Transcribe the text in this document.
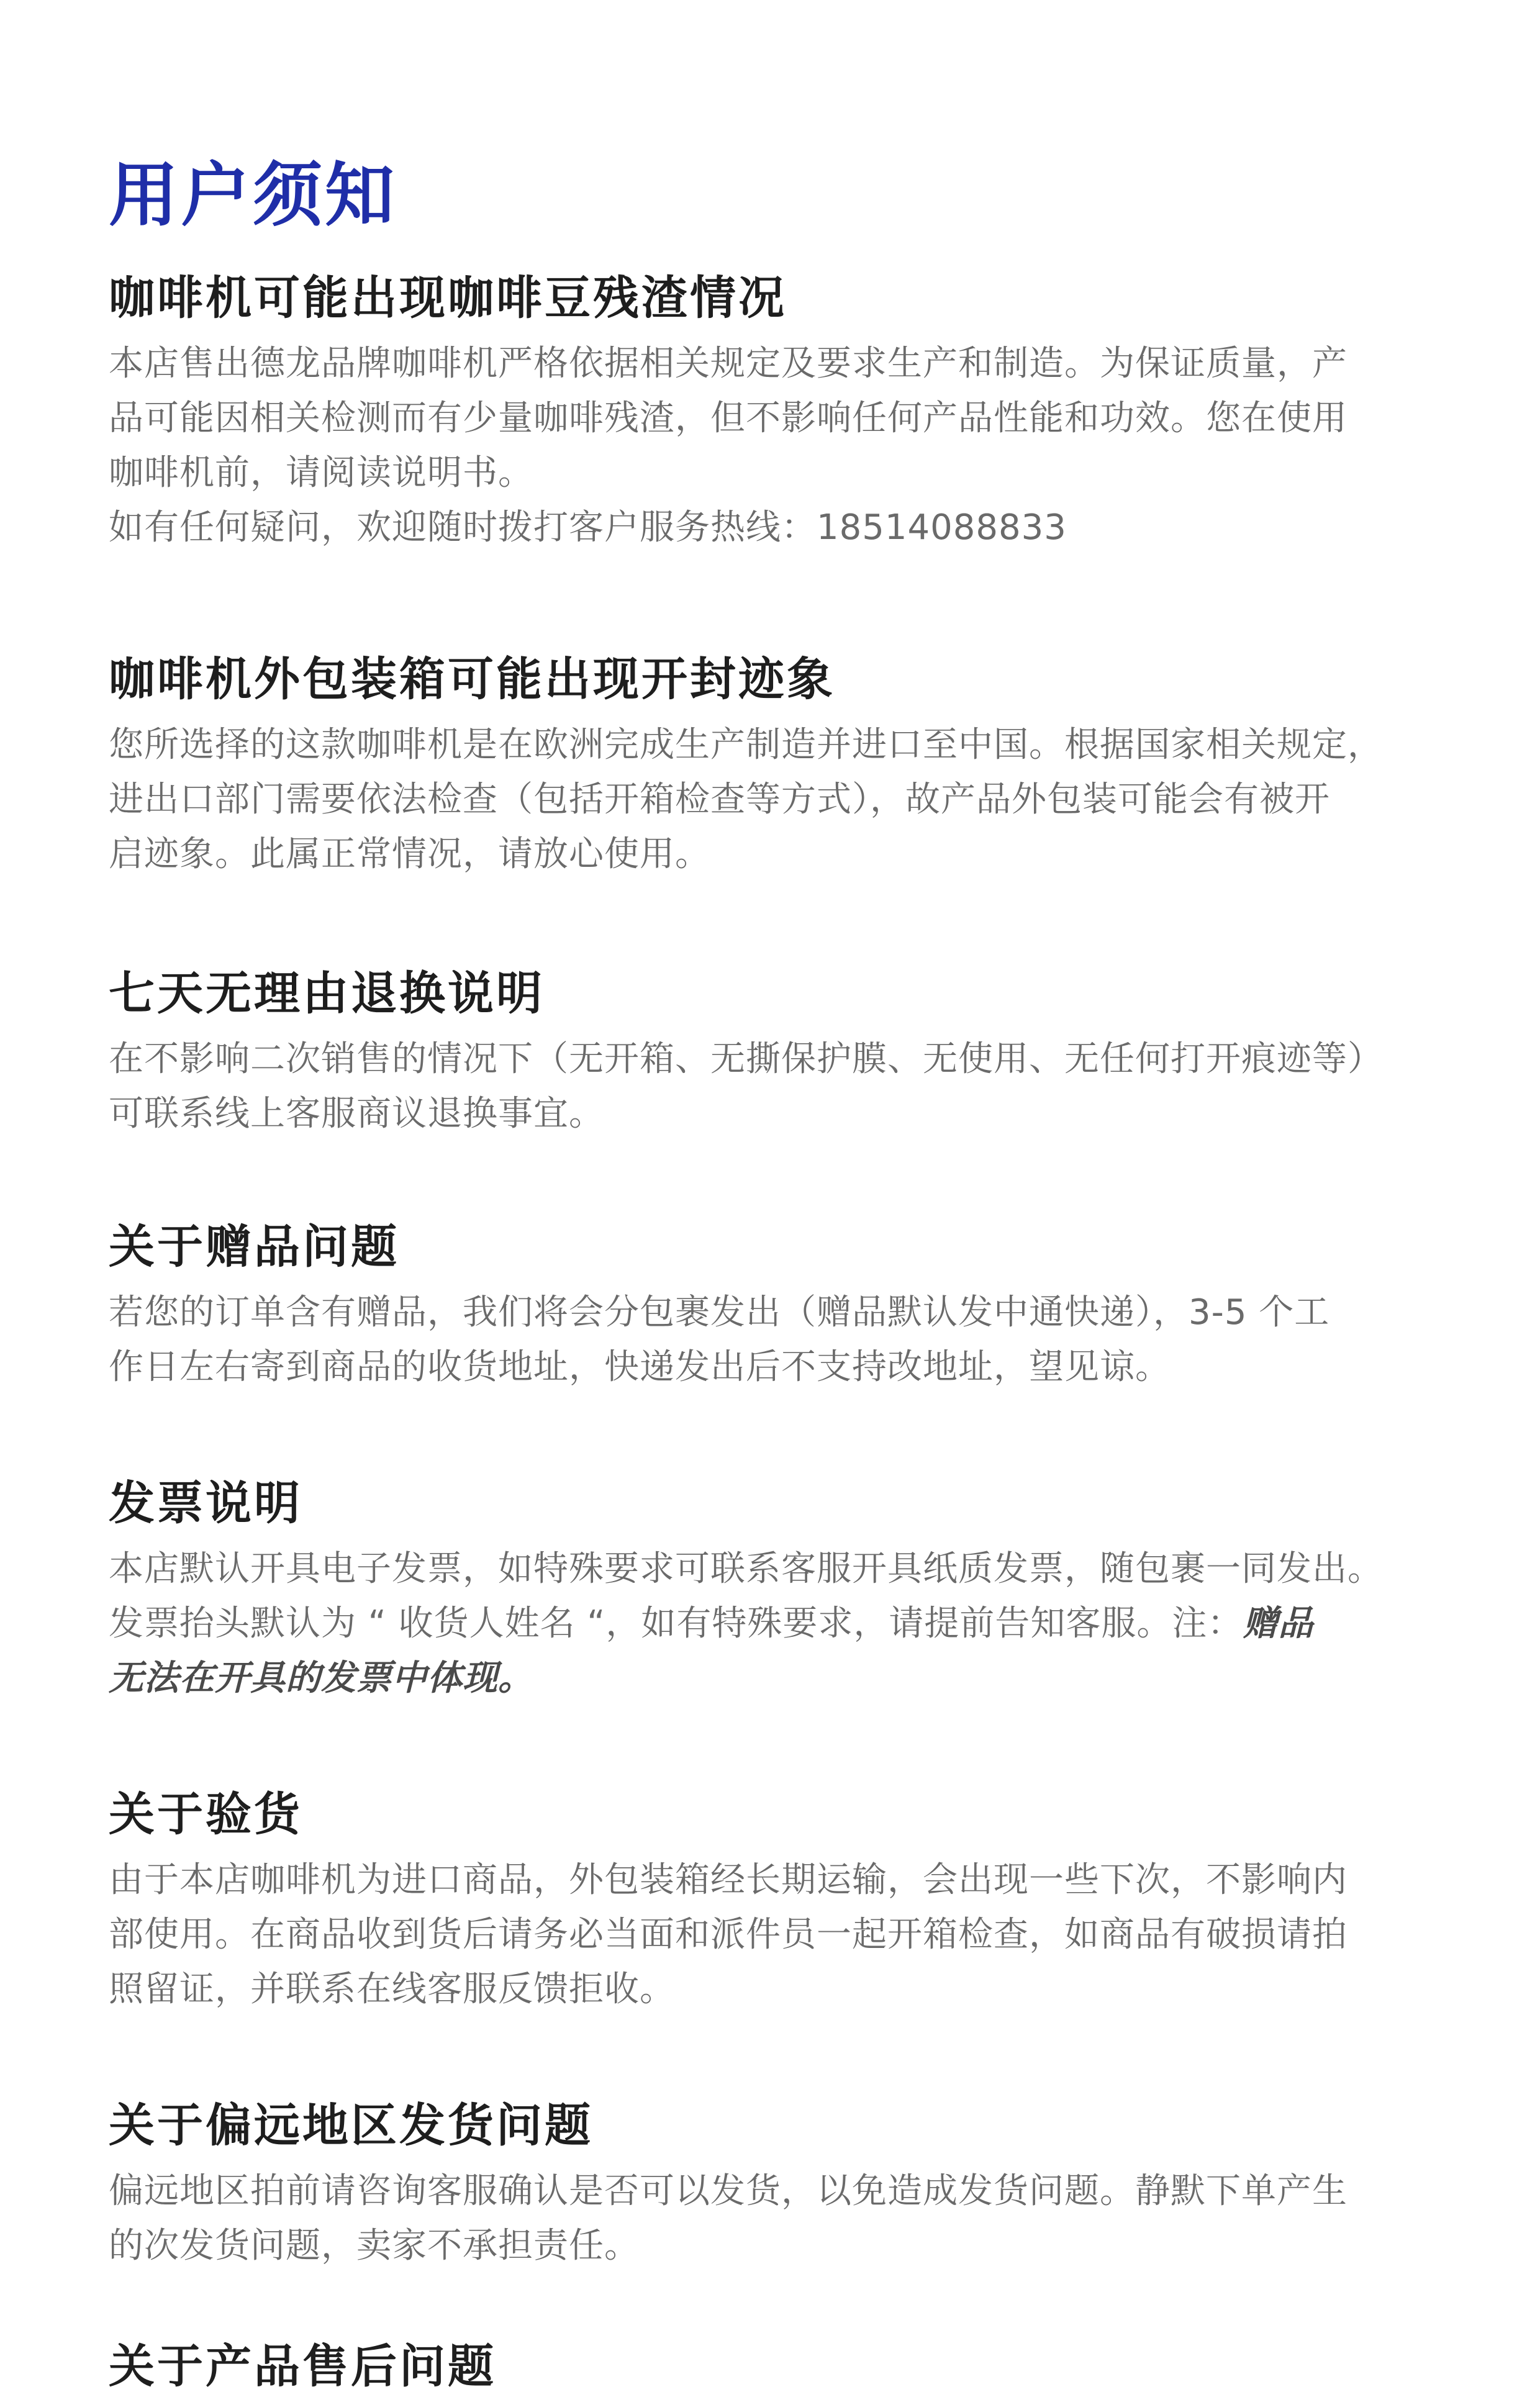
用户须知
咖啡机可能出现咖啡豆残渣情况

本店售出德龙品牌咖啡机严格依据相关规定及要求生产和制造。为保证质量，产
品可能因相关检测而有少量咖啡残渣，但不影响任何产品性能和功效。您在使用
咖啡机前，请阅读说明书。
如有任何疑问，欢迎随时拨打客户服务热线：18514088833

咖啡机外包装箱可能出现开封迹象

您所选择的这款咖啡机是在欧洲完成生产制造并进口至中国。根据国家相关规定，
进出口部门需要依法检查（包括开箱检查等方式），故产品外包装可能会有被开
启迹象。此属正常情况，请放心使用。

七天无理由退换说明

在不影响二次销售的情况下（无开箱、无撕保护膜、无使用、无任何打开痕迹等）
可联系线上客服商议退换事宜。

关于赠品问题

若您的订单含有赠品，我们将会分包裹发出（赠品默认发中通快递），3-5 个工
作日左右寄到商品的收货地址，快递发出后不支持改地址，望见谅。

发票说明

本店默认开具电子发票，如特殊要求可联系客服开具纸质发票，随包裹一同发出。
发票抬头默认为 “ 收货人姓名 “，如有特殊要求，请提前告知客服。注：赠品
无法在开具的发票中体现。

关于验货

由于本店咖啡机为进口商品，外包装箱经长期运输，会出现一些下次，不影响内
部使用。在商品收到货后请务必当面和派件员一起开箱检查，如商品有破损请拍
照留证，并联系在线客服反馈拒收。

关于偏远地区发货问题

偏远地区拍前请咨询客服确认是否可以发货，以免造成发货问题。静默下单产生
的次发货问题，卖家不承担责任。

关于产品售后问题
